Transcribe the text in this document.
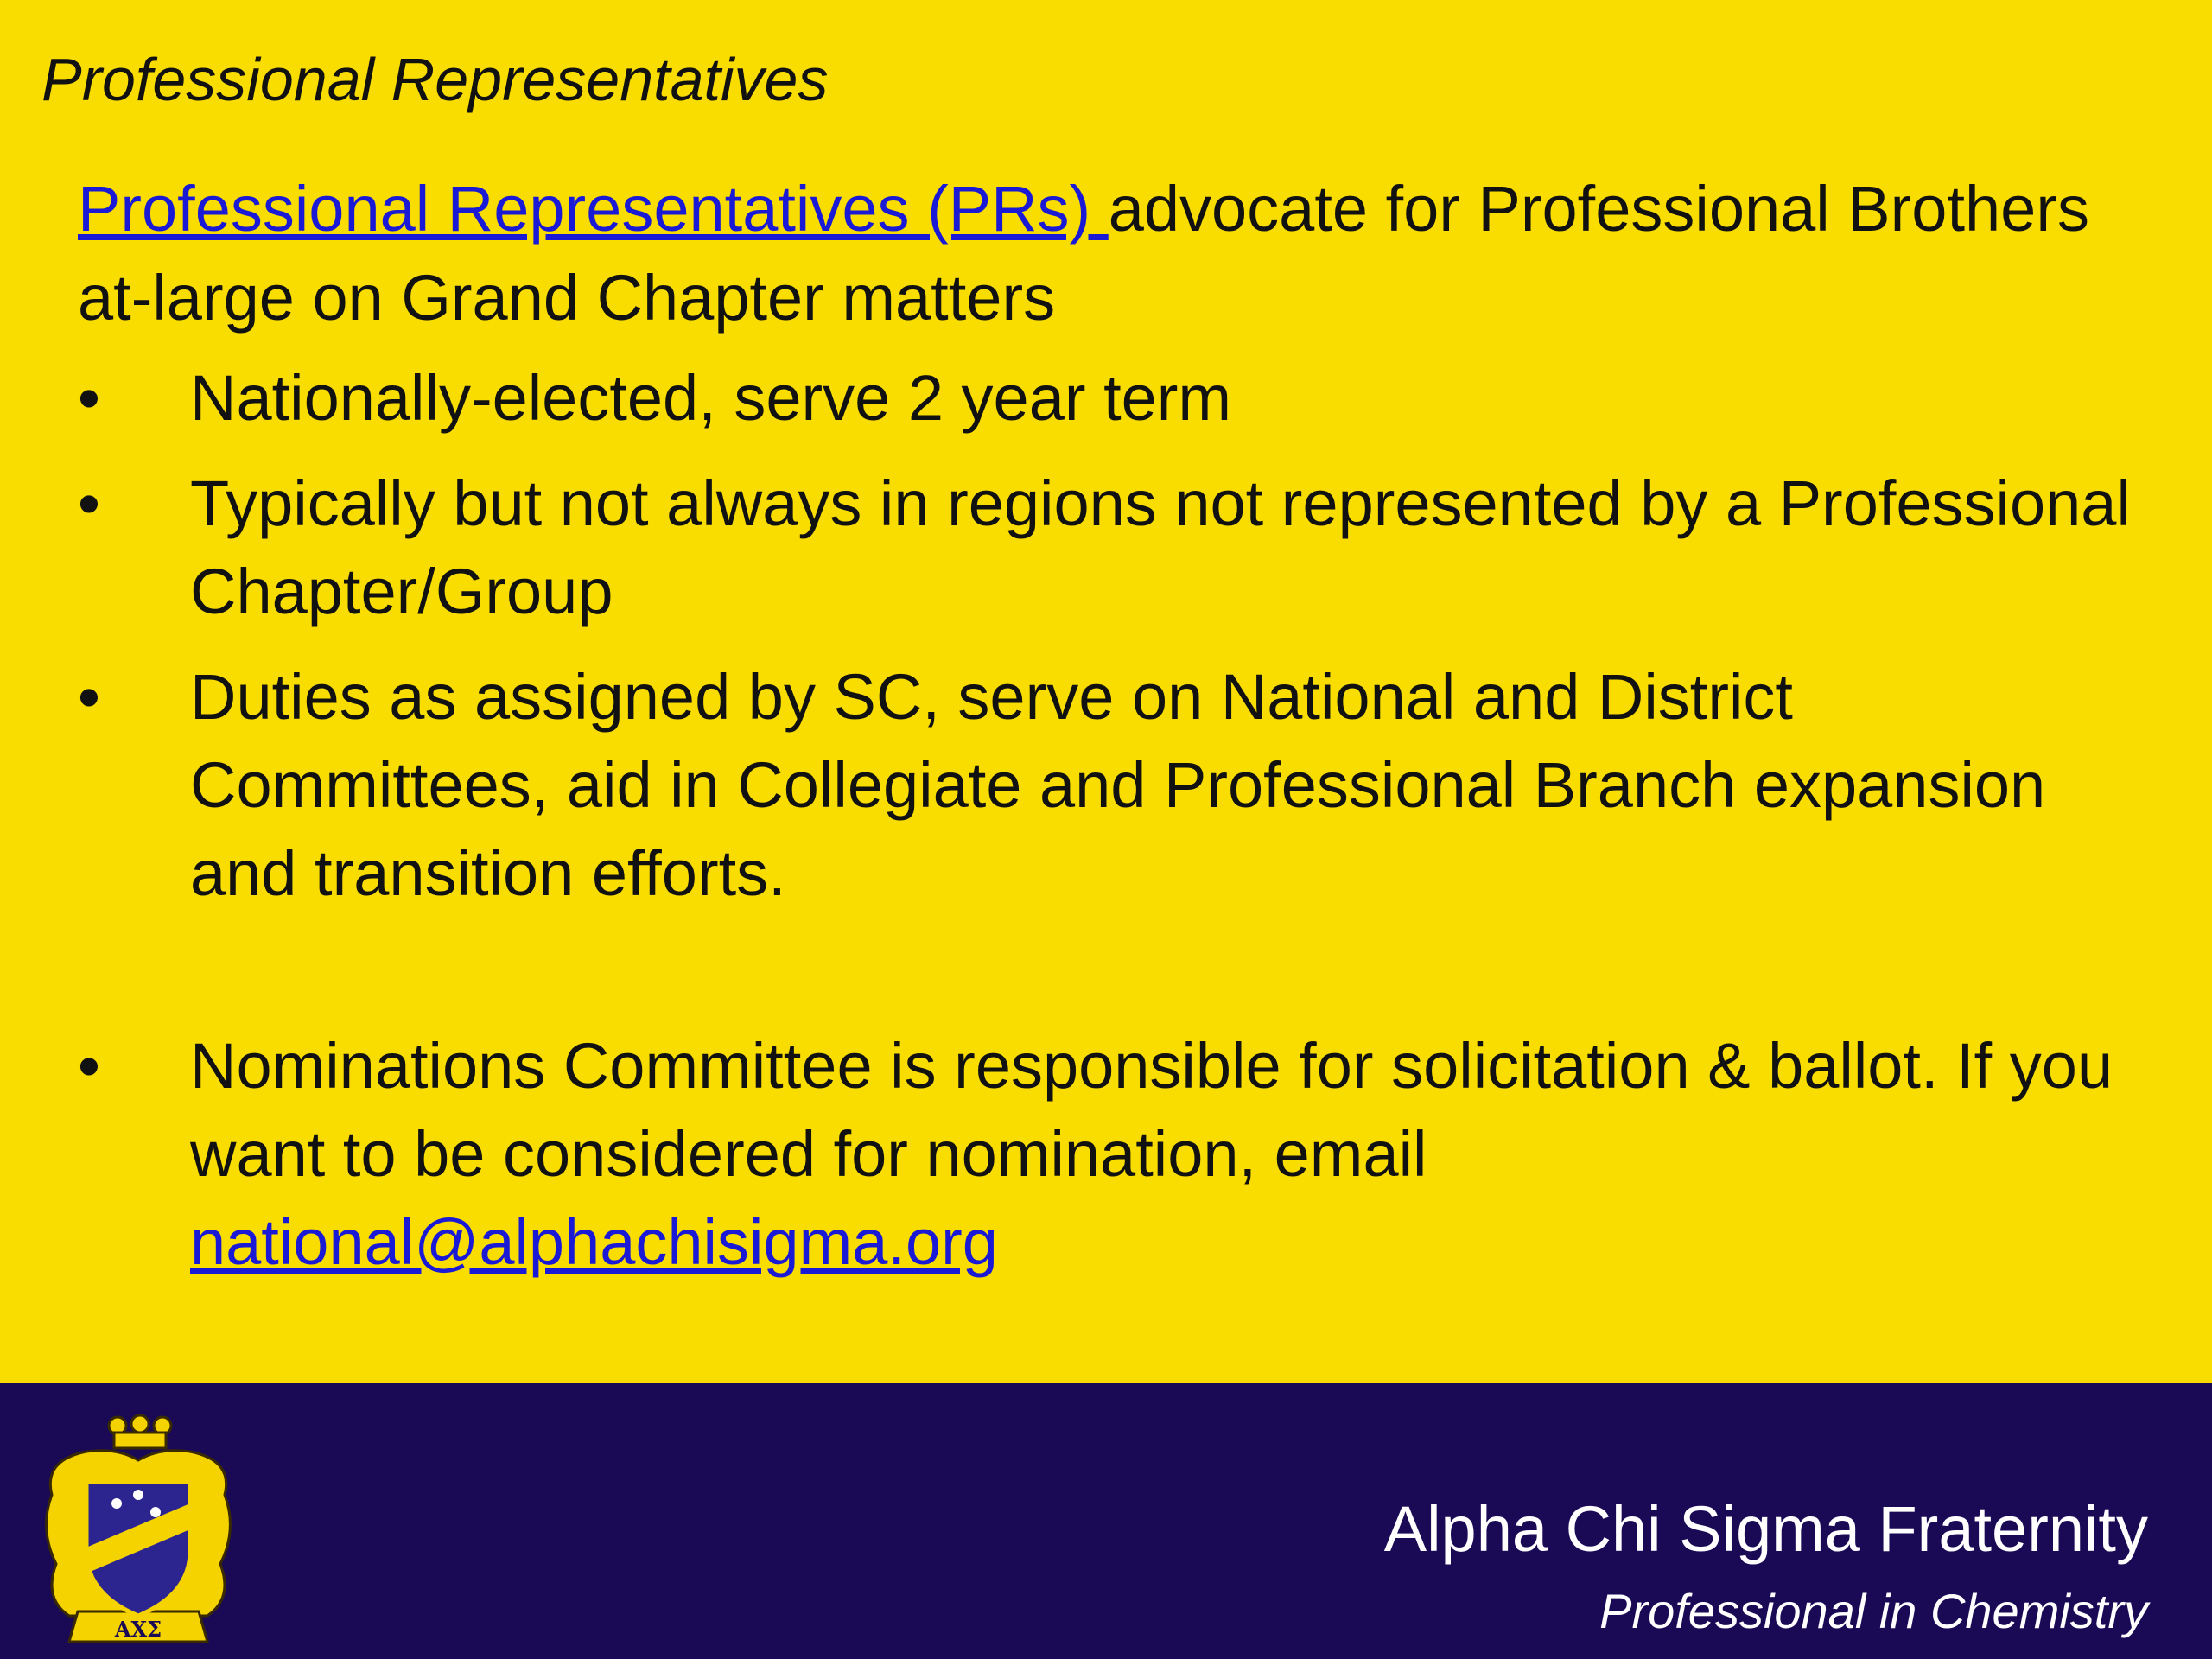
Professional Representatives

Professional Representatives (PRs) advocate for Professional Brothers at-large on Grand Chapter matters

• Nationally-elected, serve 2 year term
• Typically but not always in regions not represented by a Professional Chapter/Group
• Duties as assigned by SC, serve on National and District Committees, aid in Collegiate and Professional Branch expansion and transition efforts.
• Nominations Committee is responsible for solicitation & ballot. If you want to be considered for nomination, email national@alphachisigma.org
ΑΧΣ
Alpha Chi Sigma Fraternity
Professional in Chemistry
